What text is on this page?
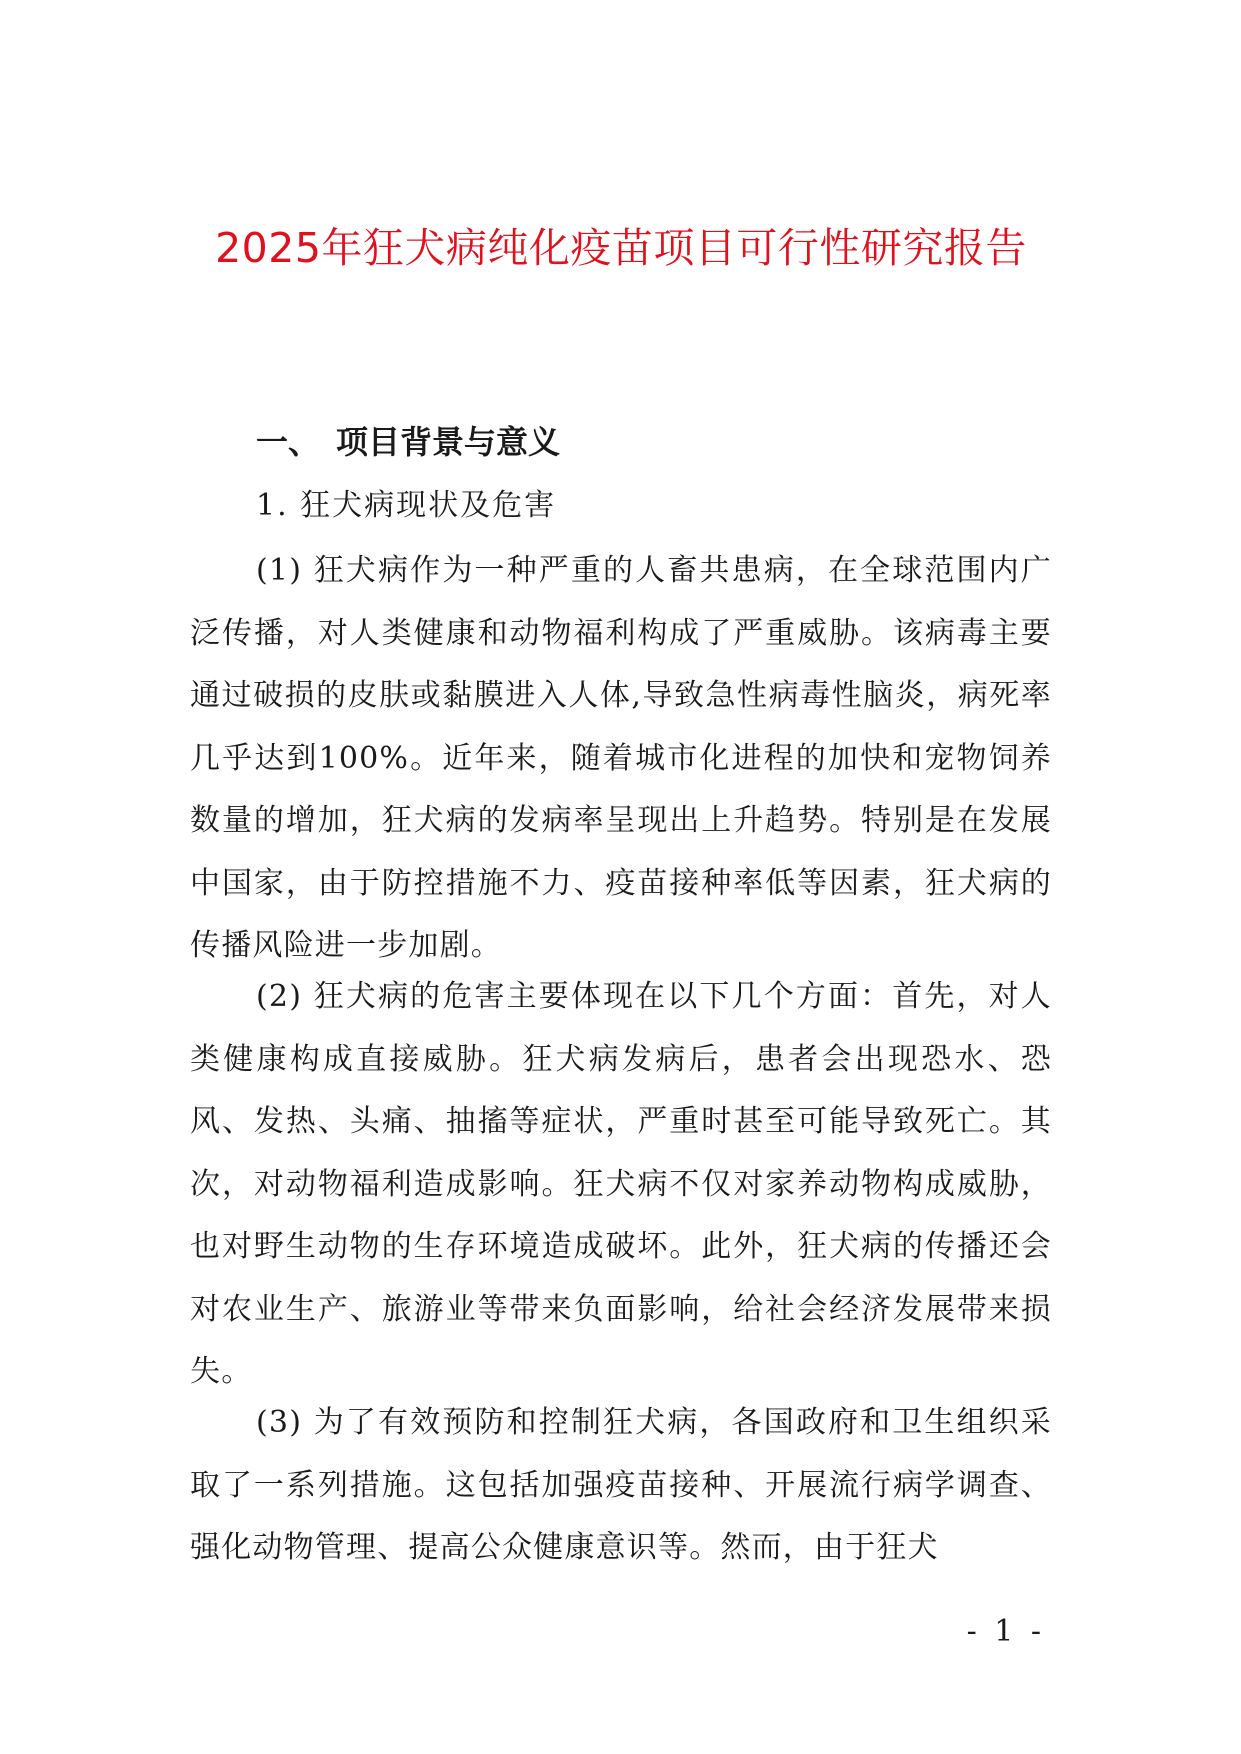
2025年狂犬病纯化疫苗项目可行性研究报告
一、 项目背景与意义
1. 狂犬病现状及危害

(1) 狂犬病作为一种严重的人畜共患病，在全球范围内广泛传播，对人类健康和动物福利构成了严重威胁。该病毒主要通过破损的皮肤或黏膜进入人体,导致急性病毒性脑炎，病死率几乎达到100%。近年来，随着城市化进程的加快和宠物饲养数量的增加，狂犬病的发病率呈现出上升趋势。特别是在发展中国家，由于防控措施不力、疫苗接种率低等因素，狂犬病的传播风险进一步加剧。

(2) 狂犬病的危害主要体现在以下几个方面：首先，对人类健康构成直接威胁。狂犬病发病后，患者会出现恐水、恐风、发热、头痛、抽搐等症状，严重时甚至可能导致死亡。其次，对动物福利造成影响。狂犬病不仅对家养动物构成威胁，也对野生动物的生存环境造成破坏。此外，狂犬病的传播还会对农业生产、旅游业等带来负面影响，给社会经济发展带来损失。

(3) 为了有效预防和控制狂犬病，各国政府和卫生组织采取了一系列措施。这包括加强疫苗接种、开展流行病学调查、强化动物管理、提高公众健康意识等。然而，由于狂犬

- 1 -
